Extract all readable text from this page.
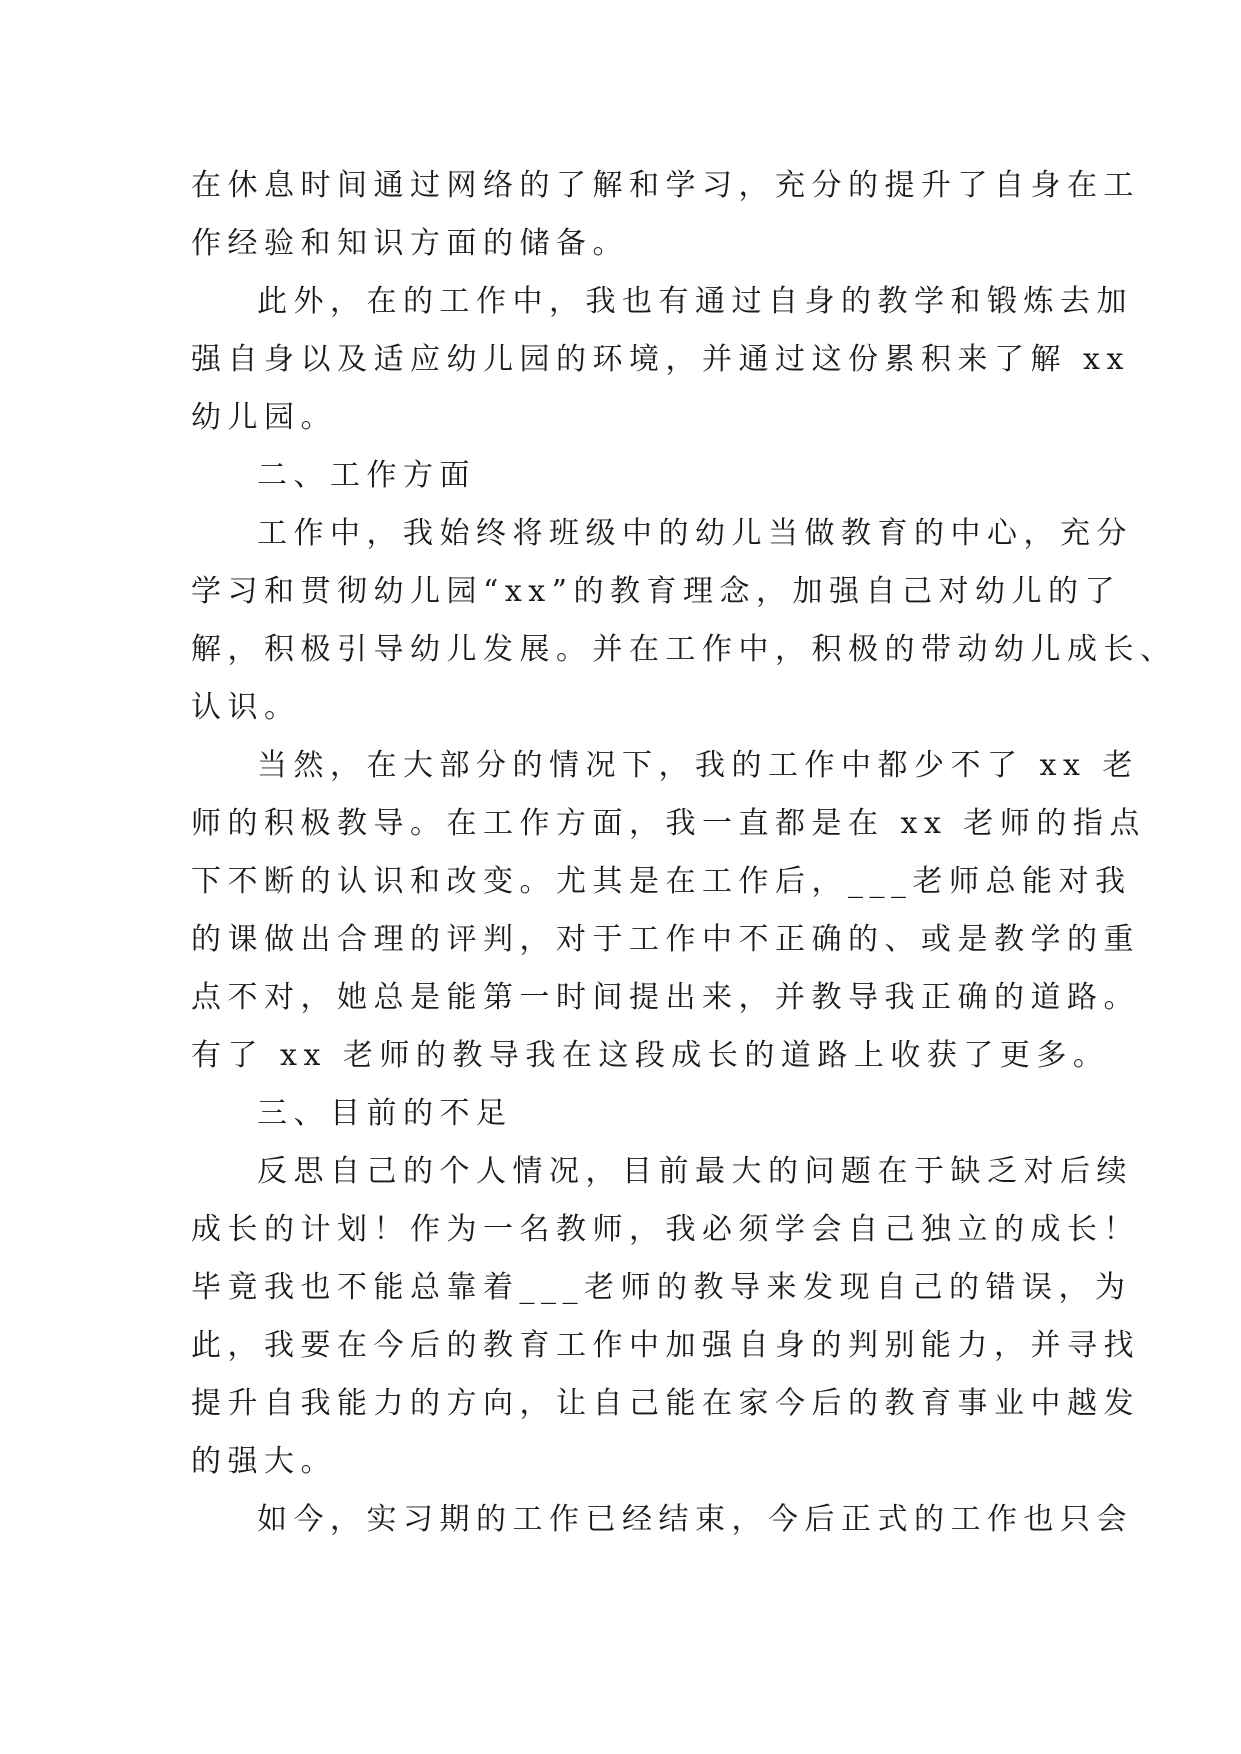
在休息时间通过网络的了解和学习，充分的提升了自身在工
作经验和知识方面的储备。
此外，在的工作中，我也有通过自身的教学和锻炼去加
强自身以及适应幼儿园的环境，并通过这份累积来了解 xx
幼儿园。
二、工作方面
工作中，我始终将班级中的幼儿当做教育的中心，充分
学习和贯彻幼儿园“xx”的教育理念，加强自己对幼儿的了
解，积极引导幼儿发展。并在工作中，积极的带动幼儿成长、
认识。
当然，在大部分的情况下，我的工作中都少不了 xx 老
师的积极教导。在工作方面，我一直都是在 xx 老师的指点
下不断的认识和改变。尤其是在工作后，___老师总能对我
的课做出合理的评判，对于工作中不正确的、或是教学的重
点不对，她总是能第一时间提出来，并教导我正确的道路。
有了 xx 老师的教导我在这段成长的道路上收获了更多。
三、目前的不足
反思自己的个人情况，目前最大的问题在于缺乏对后续
成长的计划！作为一名教师，我必须学会自己独立的成长！
毕竟我也不能总靠着___老师的教导来发现自己的错误，为
此，我要在今后的教育工作中加强自身的判别能力，并寻找
提升自我能力的方向，让自己能在家今后的教育事业中越发
的强大。
如今，实习期的工作已经结束，今后正式的工作也只会
